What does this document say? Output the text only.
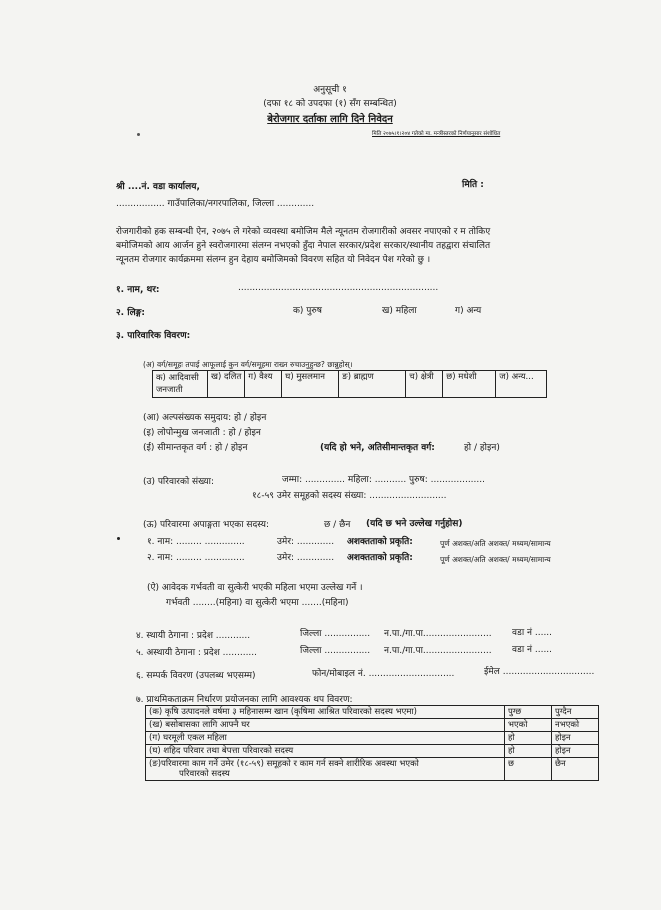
अनुसूची १
(दफा १८ को उपदफा (१) सँग सम्बन्धित)
बेरोजगार दर्ताका लागि दिने निवेदन
मिति २०७५।१।२०४ गतेको मा. मन्त्रीस्तरको निर्णयानुसार संशोधित
श्री ....नं. वडा कार्यालय,	मिति :
................. गाउँपालिका/नगरपालिका, जिल्ला .............
रोजगारीको हक सम्बन्धी ऐन, २०७५ ले गरेको व्यवस्था बमोजिम मैले न्यूनतम रोजगारीको अवसर नपाएको र म तोकिए
बमोजिमको आय आर्जन हुने स्वरोजगारमा संलग्न नभएको हुँदा नेपाल सरकार/प्रदेश सरकार/स्थानीय तहद्वारा संचालित
न्यूनतम रोजगार कार्यक्रममा संलग्न हुन देहाय बमोजिमको विवरण सहित यो निवेदन पेश गरेको छु ।
१. नाम, थर:	......................................................................
२. लिङ्ग:	क) पुरुष	ख) महिला	ग) अन्य
३. पारिवारिक विवरण:
(अ) वर्ग/समूहः तपाई आफूलाई कुन वर्ग/समूहमा राख्न रुचाउनुहुन्छ? छान्नुहोस्।
क) आदिवासी जनजाती	ख) दलित	ग) वैश्य	घ) मुसलमान	ङ) ब्राह्मण	च) क्षेत्री	छ) मधेशी	ज) अन्य...
(आ) अल्पसंख्यक समुदाय: हो / होइन
(इ) लोपोन्मुख जनजाती : हो / होइन
(ई) सीमान्तकृत वर्ग : हो / होइन	(यदि हो भने, अतिसीमान्तकृत वर्ग:	हो / होइन)
(उ) परिवारको संख्या:	जम्मा: .............. महिला: ........... पुरुष: ...................
१८-५९ उमेर समूहको सदस्य संख्या: ...........................
(ऊ) परिवारमा अपाङ्गता भएका सदस्य:	छ / छैन (यदि छ भने उल्लेख गर्नुहोस)
१. नाम: ......... ..............	उमेर: ............. अशक्तताको प्रकृति:	पूर्ण अशक्त/अति अशक्त/ मध्यम/सामान्य
२. नाम: ......... ..............	उमेर: ............. अशक्तताको प्रकृति:	पूर्ण अशक्त/अति अशक्त/ मध्यम/सामान्य
(ऐ) आवेदक गर्भवती वा सुत्केरी भएकी महिला भएमा उल्लेख गर्ने ।
गर्भवती ........(महिना) वा सुत्केरी भएमा .......(महिना)
४. स्थायी ठेगाना : प्रदेश ............	जिल्ला ................ न.पा./गा.पा........................ वडा नं ......
५. अस्थायी ठेगाना : प्रदेश ............	जिल्ला ................ न.पा./गा.पा........................ वडा नं ......
६. सम्पर्क विवरण (उपलब्ध भएसम्म)	फोन/मोबाइल नं. ..............................	ईमेल ................................
७. प्राथमिकताक्रम निर्धारण प्रयोजनका लागि आवश्यक थप विवरण:
(क) कृषि उत्पादनले वर्षमा ३ महिनासम्म खान (कृषिमा आश्रित परिवारको सदस्य भएमा)	पुग्छ	पुग्दैन
(ख) बसोबासका लागि आफ्नै घर	भएको	नभएको
(ग) घरमूली एकल महिला	हो	होइन
(घ) शहिद परिवार तथा बेपत्ता परिवारको सदस्य	हो	होइन

(ङ)परिवारमा काम गर्ने उमेर (१८-५९) समूहको र काम गर्न सक्ने शारीरिक अवस्था भएको
परिवारको सदस्य	छ	छैन
